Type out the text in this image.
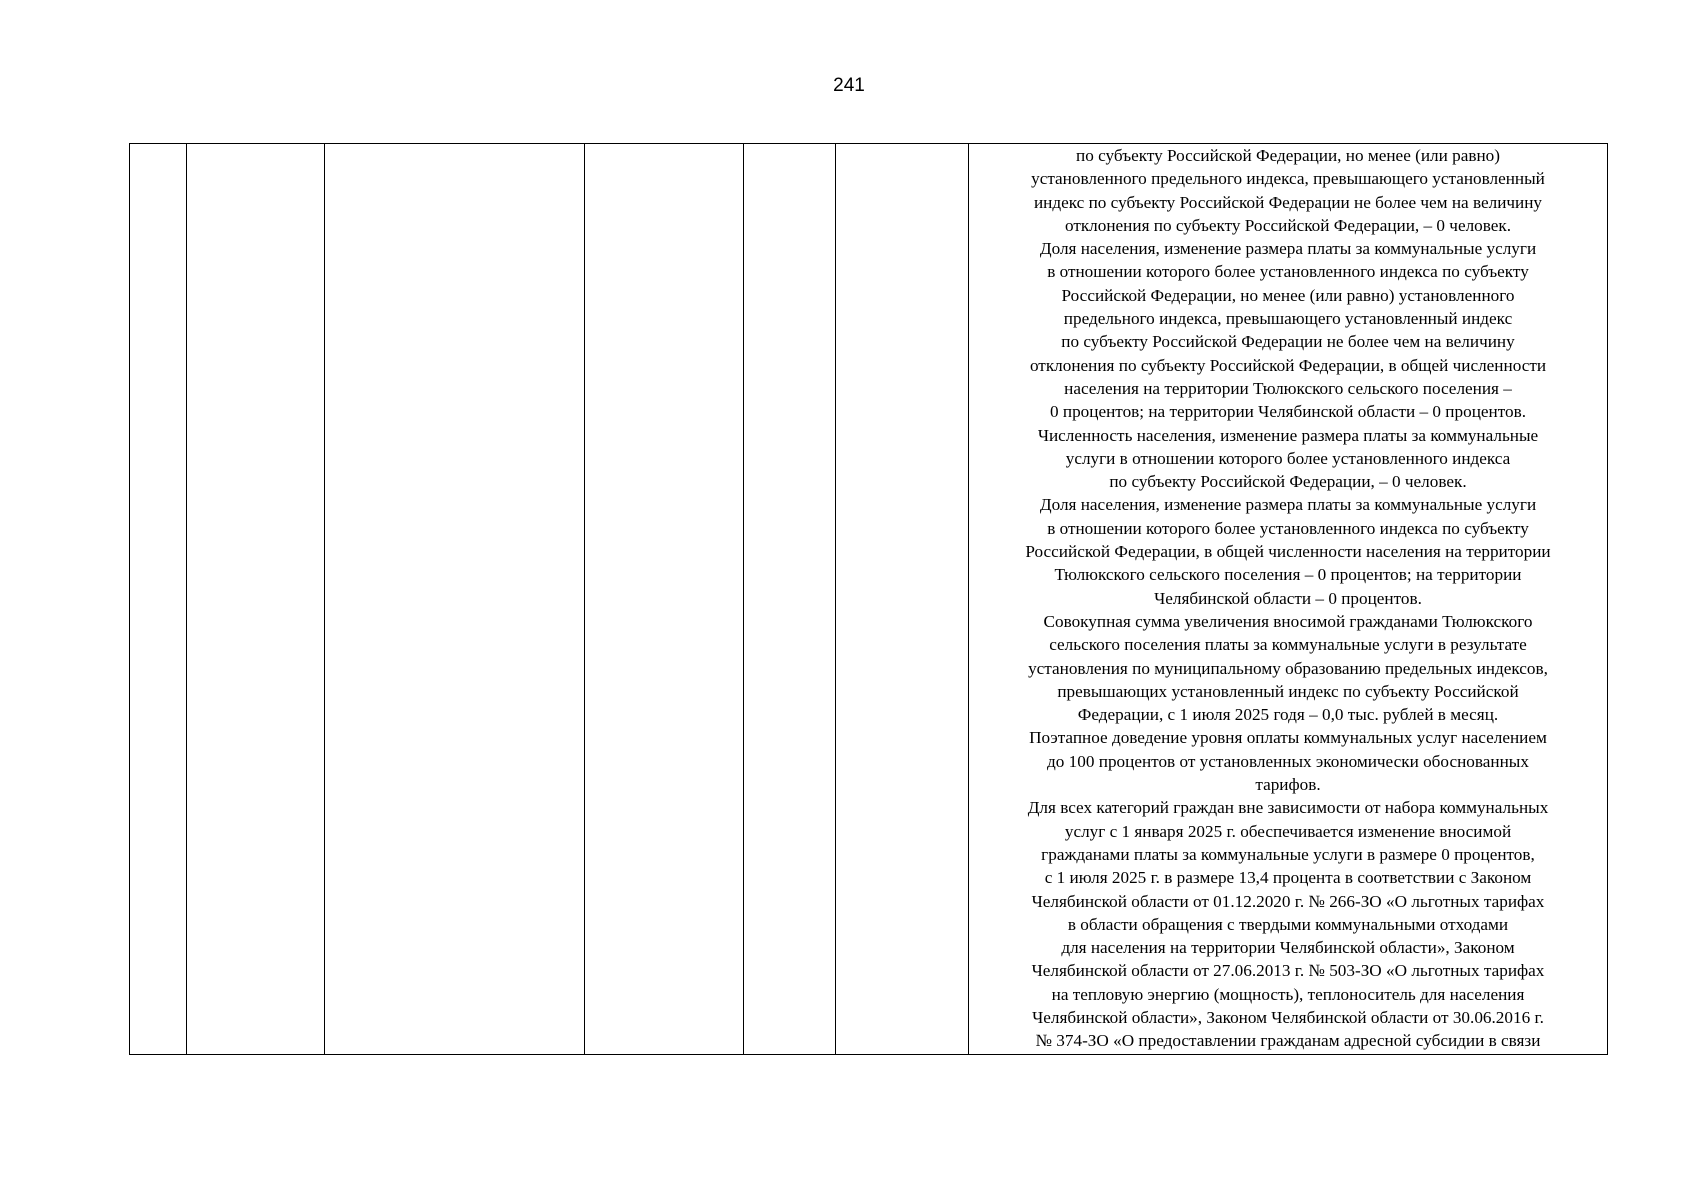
241

по субъекту Российской Федерации, но менее (или равно)
установленного предельного индекса, превышающего установленный
индекс по субъекту Российской Федерации не более чем на величину
отклонения по субъекту Российской Федерации, – 0 человек.
Доля населения, изменение размера платы за коммунальные услуги
в отношении которого более установленного индекса по субъекту
Российской Федерации, но менее (или равно) установленного
предельного индекса, превышающего установленный индекс
по субъекту Российской Федерации не более чем на величину
отклонения по субъекту Российской Федерации, в общей численности
населения на территории Тюлюкского сельского поселения –
0 процентов; на территории Челябинской области – 0 процентов.
Численность населения, изменение размера платы за коммунальные
услуги в отношении которого более установленного индекса
по субъекту Российской Федерации, – 0 человек.
Доля населения, изменение размера платы за коммунальные услуги
в отношении которого более установленного индекса по субъекту
Российской Федерации, в общей численности населения на территории
Тюлюкского сельского поселения – 0 процентов; на территории
Челябинской области – 0 процентов.
Совокупная сумма увеличения вносимой гражданами Тюлюкского
сельского поселения платы за коммунальные услуги в результате
установления по муниципальному образованию предельных индексов,
превышающих установленный индекс по субъекту Российской
Федерации, с 1 июля 2025 годя – 0,0 тыс. рублей в месяц.
Поэтапное доведение уровня оплаты коммунальных услуг населением
до 100 процентов от установленных экономически обоснованных
тарифов.
Для всех категорий граждан вне зависимости от набора коммунальных
услуг с 1 января 2025 г. обеспечивается изменение вносимой
гражданами платы за коммунальные услуги в размере 0 процентов,
с 1 июля 2025 г. в размере 13,4 процента в соответствии с Законом
Челябинской области от 01.12.2020 г. № 266-ЗО «О льготных тарифах
в области обращения с твердыми коммунальными отходами
для населения на территории Челябинской области», Законом
Челябинской области от 27.06.2013 г. № 503-ЗО «О льготных тарифах
на тепловую энергию (мощность), теплоноситель для населения
Челябинской области», Законом Челябинской области от 30.06.2016 г.
№ 374-ЗО «О предоставлении гражданам адресной субсидии в связи
